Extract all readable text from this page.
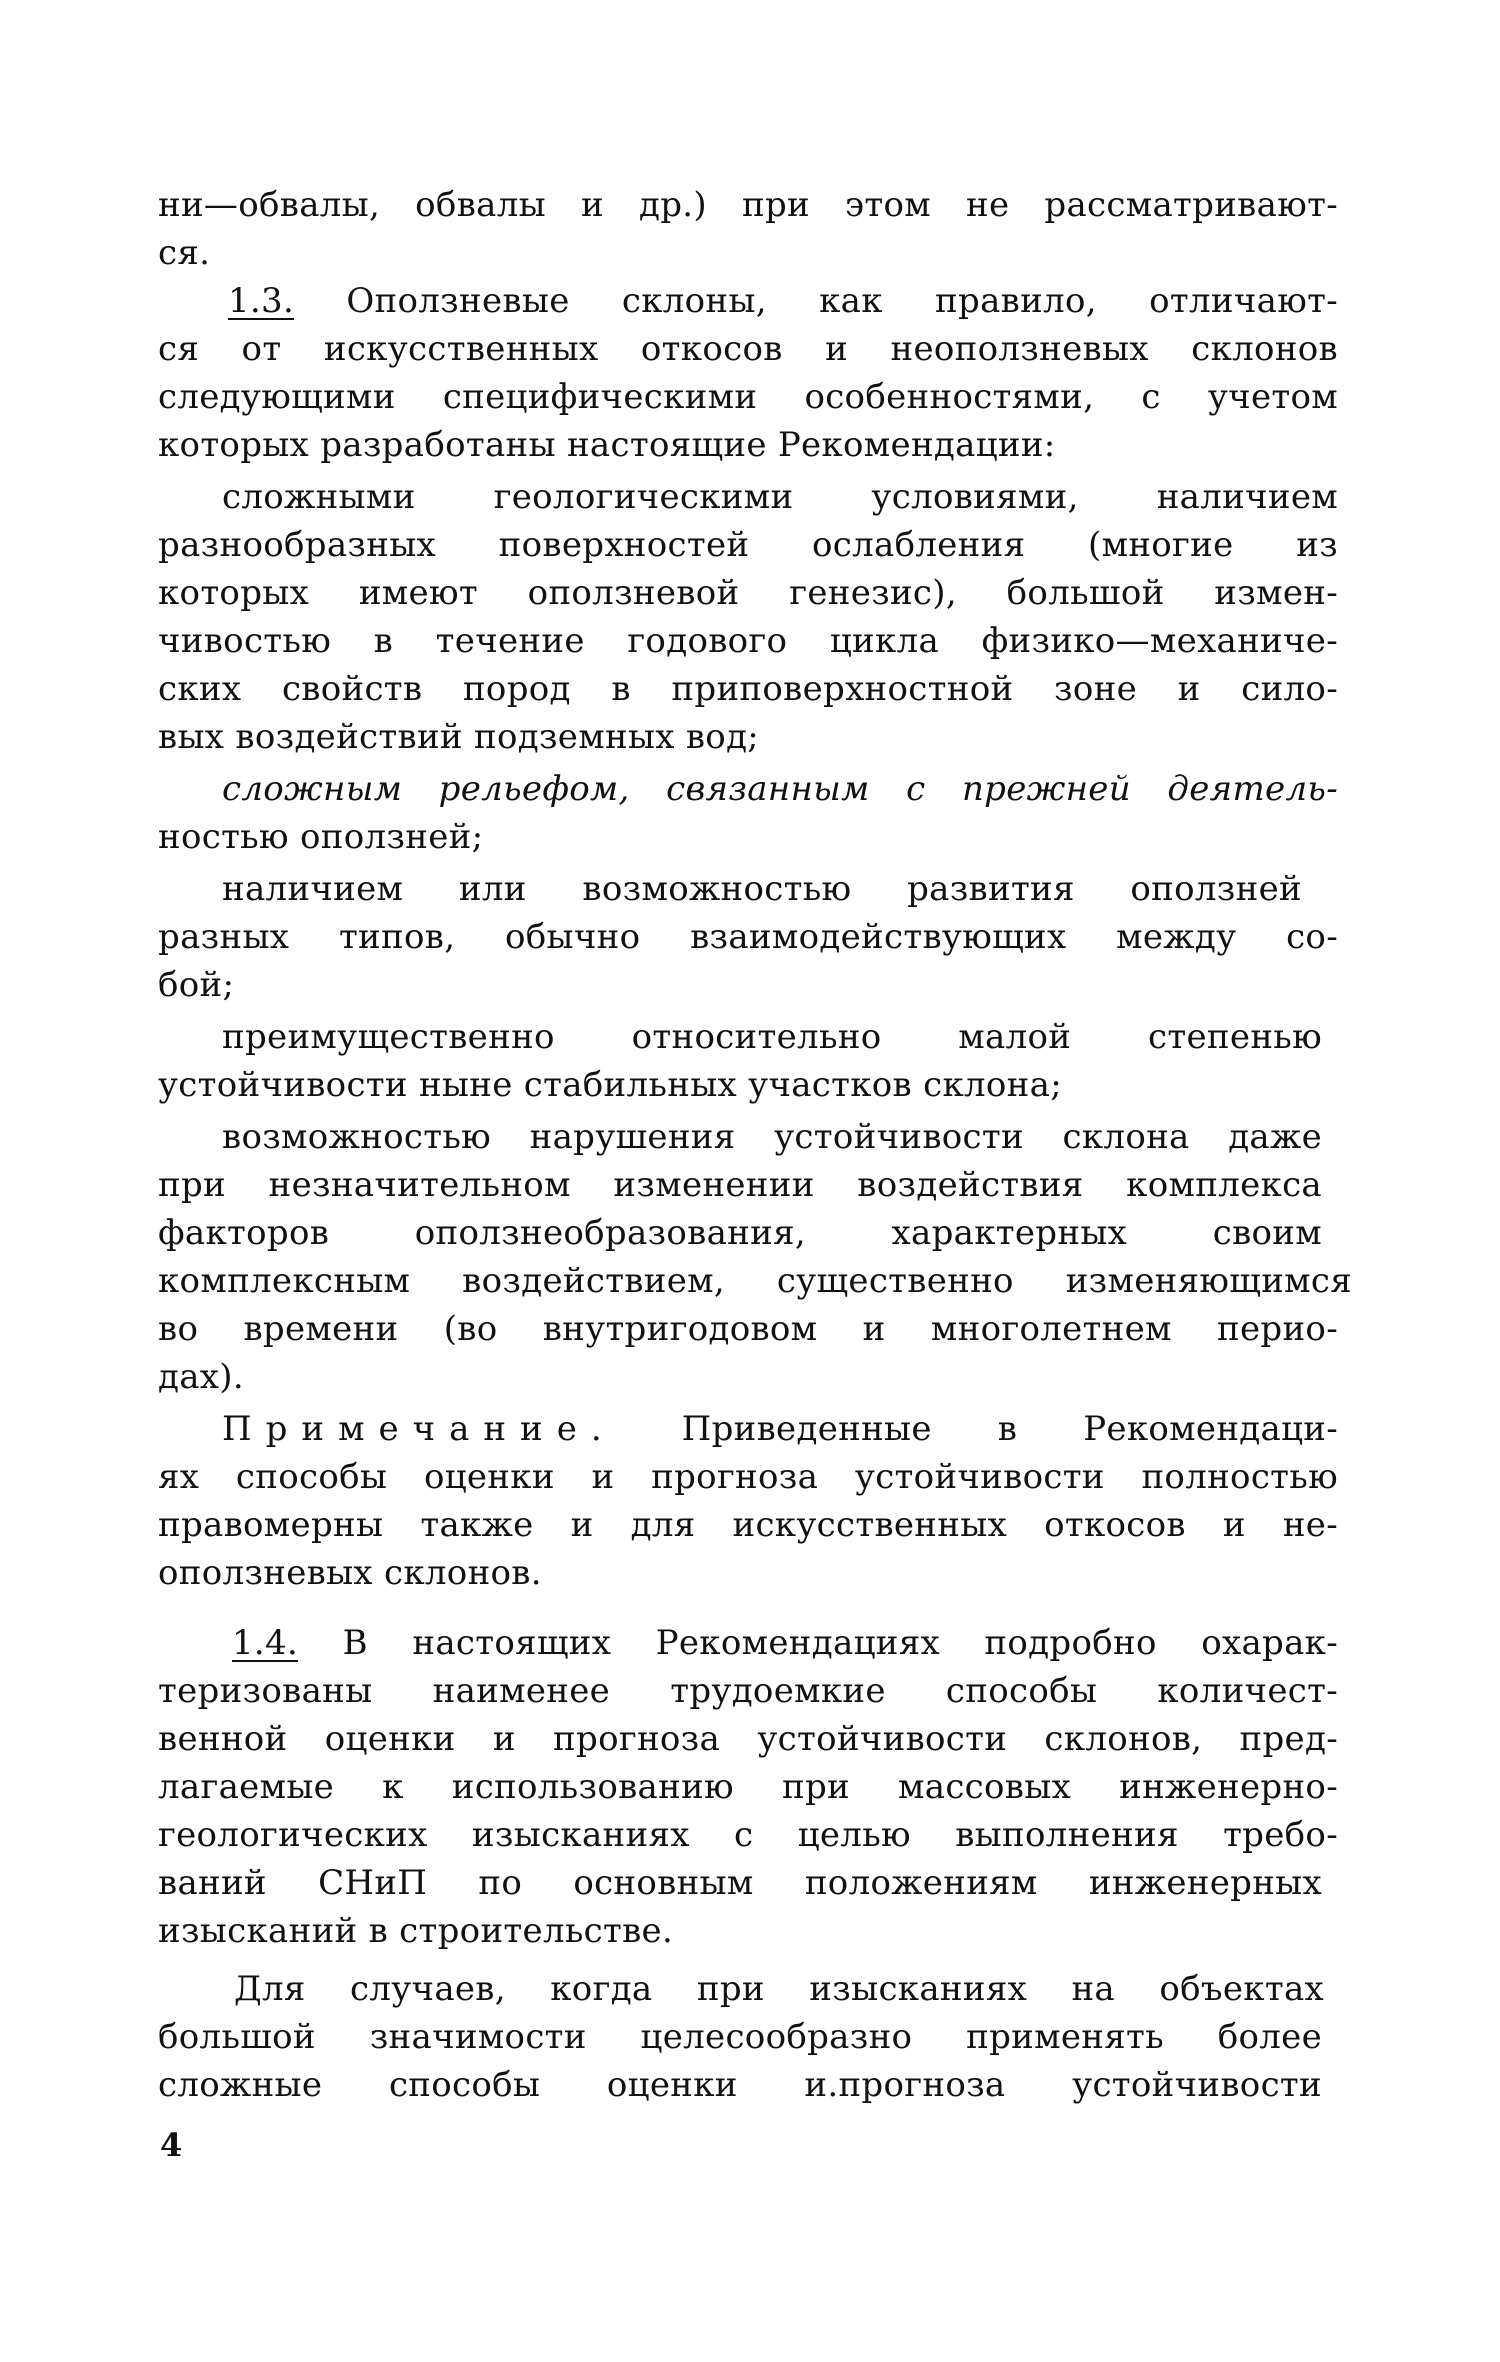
ни—обвалы, обвалы и др.) при этом не рассматривают-
ся.
1.3. Оползневые склоны, как правило, отличают-
ся от искусственных откосов и неоползневых склонов
следующими специфическими особенностями, с учетом
которых разработаны настоящие Рекомендации:
сложными геологическими условиями, наличием
разнообразных поверхностей ослабления (многие из
которых имеют оползневой генезис), большой измен-
чивостью в течение годового цикла физико—механиче-
ских свойств пород в приповерхностной зоне и сило-
вых воздействий подземных вод;
сложным рельефом, связанным с прежней деятель-
ностью оползней;
наличием или возможностью развития оползней
разных типов, обычно взаимодействующих между со-
бой;
преимущественно относительно малой степенью
устойчивости ныне стабильных участков склона;
возможностью нарушения устойчивости склона даже
при незначительном изменении воздействия комплекса
факторов оползнеобразования, характерных своим
комплексным воздействием, существенно изменяющимся
во времени (во внутригодовом и многолетнем перио-
дах).
Примечание. Приведенные в Рекомендаци-
ях способы оценки и прогноза устойчивости полностью
правомерны также и для искусственных откосов и не-
оползневых склонов.
1.4. В настоящих Рекомендациях подробно охарак-
теризованы наименее трудоемкие способы количест-
венной оценки и прогноза устойчивости склонов, пред-
лагаемые к использованию при массовых инженерно-
геологических изысканиях с целью выполнения требо-
ваний СНиП по основным положениям инженерных
изысканий в строительстве.
Для случаев, когда при изысканиях на объектах
большой значимости целесообразно применять более
сложные способы оценки и.прогноза устойчивости
4
